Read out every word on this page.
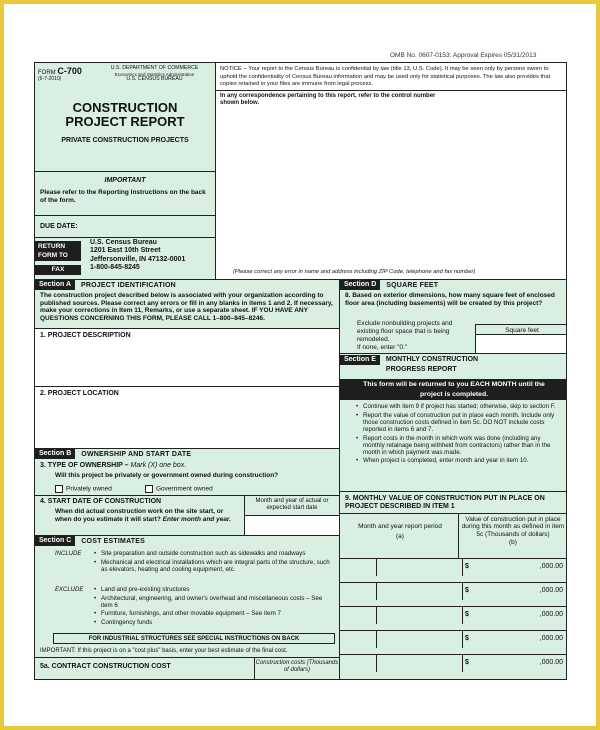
OMB No. 0607-0153: Approval Expires 05/31/2013
FORM C-700
(6-7-2010)
U.S. DEPARTMENT OF COMMERCE
Economics and Statistics Administration
U.S. CENSUS BUREAU
CONSTRUCTION
PROJECT REPORT
PRIVATE CONSTRUCTION PROJECTS
IMPORTANT
Please refer to the Reporting Instructions on the back of the form.
DUE DATE:
RETURN FORM TO
FAX
U.S. Census Bureau
1201 East 10th Street
Jeffersonville, IN 47132-0001
1-800-845-8245
NOTICE – Your report to the Census Bureau is confidential by law (title 13, U.S. Code). It may be seen only by persons sworn to uphold the confidentiality of Census Bureau information and may be used only for statistical purposes. The law also provides that copies retained in your files are immune from legal process.
In any correspondence pertaining to this report, refer to the control number shown below.
(Please correct any error in name and address including ZIP Code, telephone and fax number)
Section A	PROJECT IDENTIFICATION
The construction project described below is associated with your organization according to published sources. Please correct any errors or fill in any blanks in items 1 and 2. If necessary, make your corrections in Item 11, Remarks, or use a separate sheet. IF YOU HAVE ANY QUESTIONS CONCERNING THIS FORM, PLEASE CALL 1–800–845–8246.
1. PROJECT DESCRIPTION
2. PROJECT LOCATION
Section B	OWNERSHIP AND START DATE
3. TYPE OF OWNERSHIP – Mark (X) one box.
Will this project be privately or government owned during construction?
Privately owned	Government owned
4. START DATE OF CONSTRUCTION
When did actual construction work on the site start, or when do you estimate it will start? Enter month and year.
Month and year of actual or expected start date
Section C	COST ESTIMATES
INCLUDE	• Site preparation and outside construction such as sidewalks and roadways
• Mechanical and electrical installations which are integral parts of the structure, such as elevators, heating and cooling equipment, etc.
EXCLUDE	• Land and pre-existing structures
• Architectural, engineering, and owner's overhead and miscellaneous costs – See item 6
• Furniture, furnishings, and other movable equipment – See item 7
• Contingency funds
FOR INDUSTRIAL STRUCTURES SEE SPECIAL INSTRUCTIONS ON BACK
IMPORTANT: If this project is on a "cost plus" basis, enter your best estimate of the final cost.
5a. CONTRACT CONSTRUCTION COST	Construction costs (Thousands of dollars)
Section D	SQUARE FEET
8. Based on exterior dimensions, how many square feet of enclosed floor area (including basements) will be created by this project?
Exclude nonbuilding projects and existing floor space that is being remodeled.
If none, enter "0."
Square feet
Section E	MONTHLY CONSTRUCTION PROGRESS REPORT
This form will be returned to you EACH MONTH until the project is completed.
• Continue with item 9 if project has started; otherwise, skip to section F.
• Report the value of construction put in place each month. Include only those construction costs defined in item 5c. DO NOT include costs reported in items 6 and 7.
• Report costs in the month in which work was done (including any monthly retainage being withheld from contractors) rather than in the month in which payment was made.
• When project is completed, enter month and year in item 10.
9. MONTHLY VALUE OF CONSTRUCTION PUT IN PLACE ON PROJECT DESCRIBED IN ITEM 1
Month and year report period
(a)
Value of construction put in place during this month as defined in item 5c (Thousands of dollars)
(b)
$	,000.00
$	,000.00
$	,000.00
$	,000.00
$	,000.00
